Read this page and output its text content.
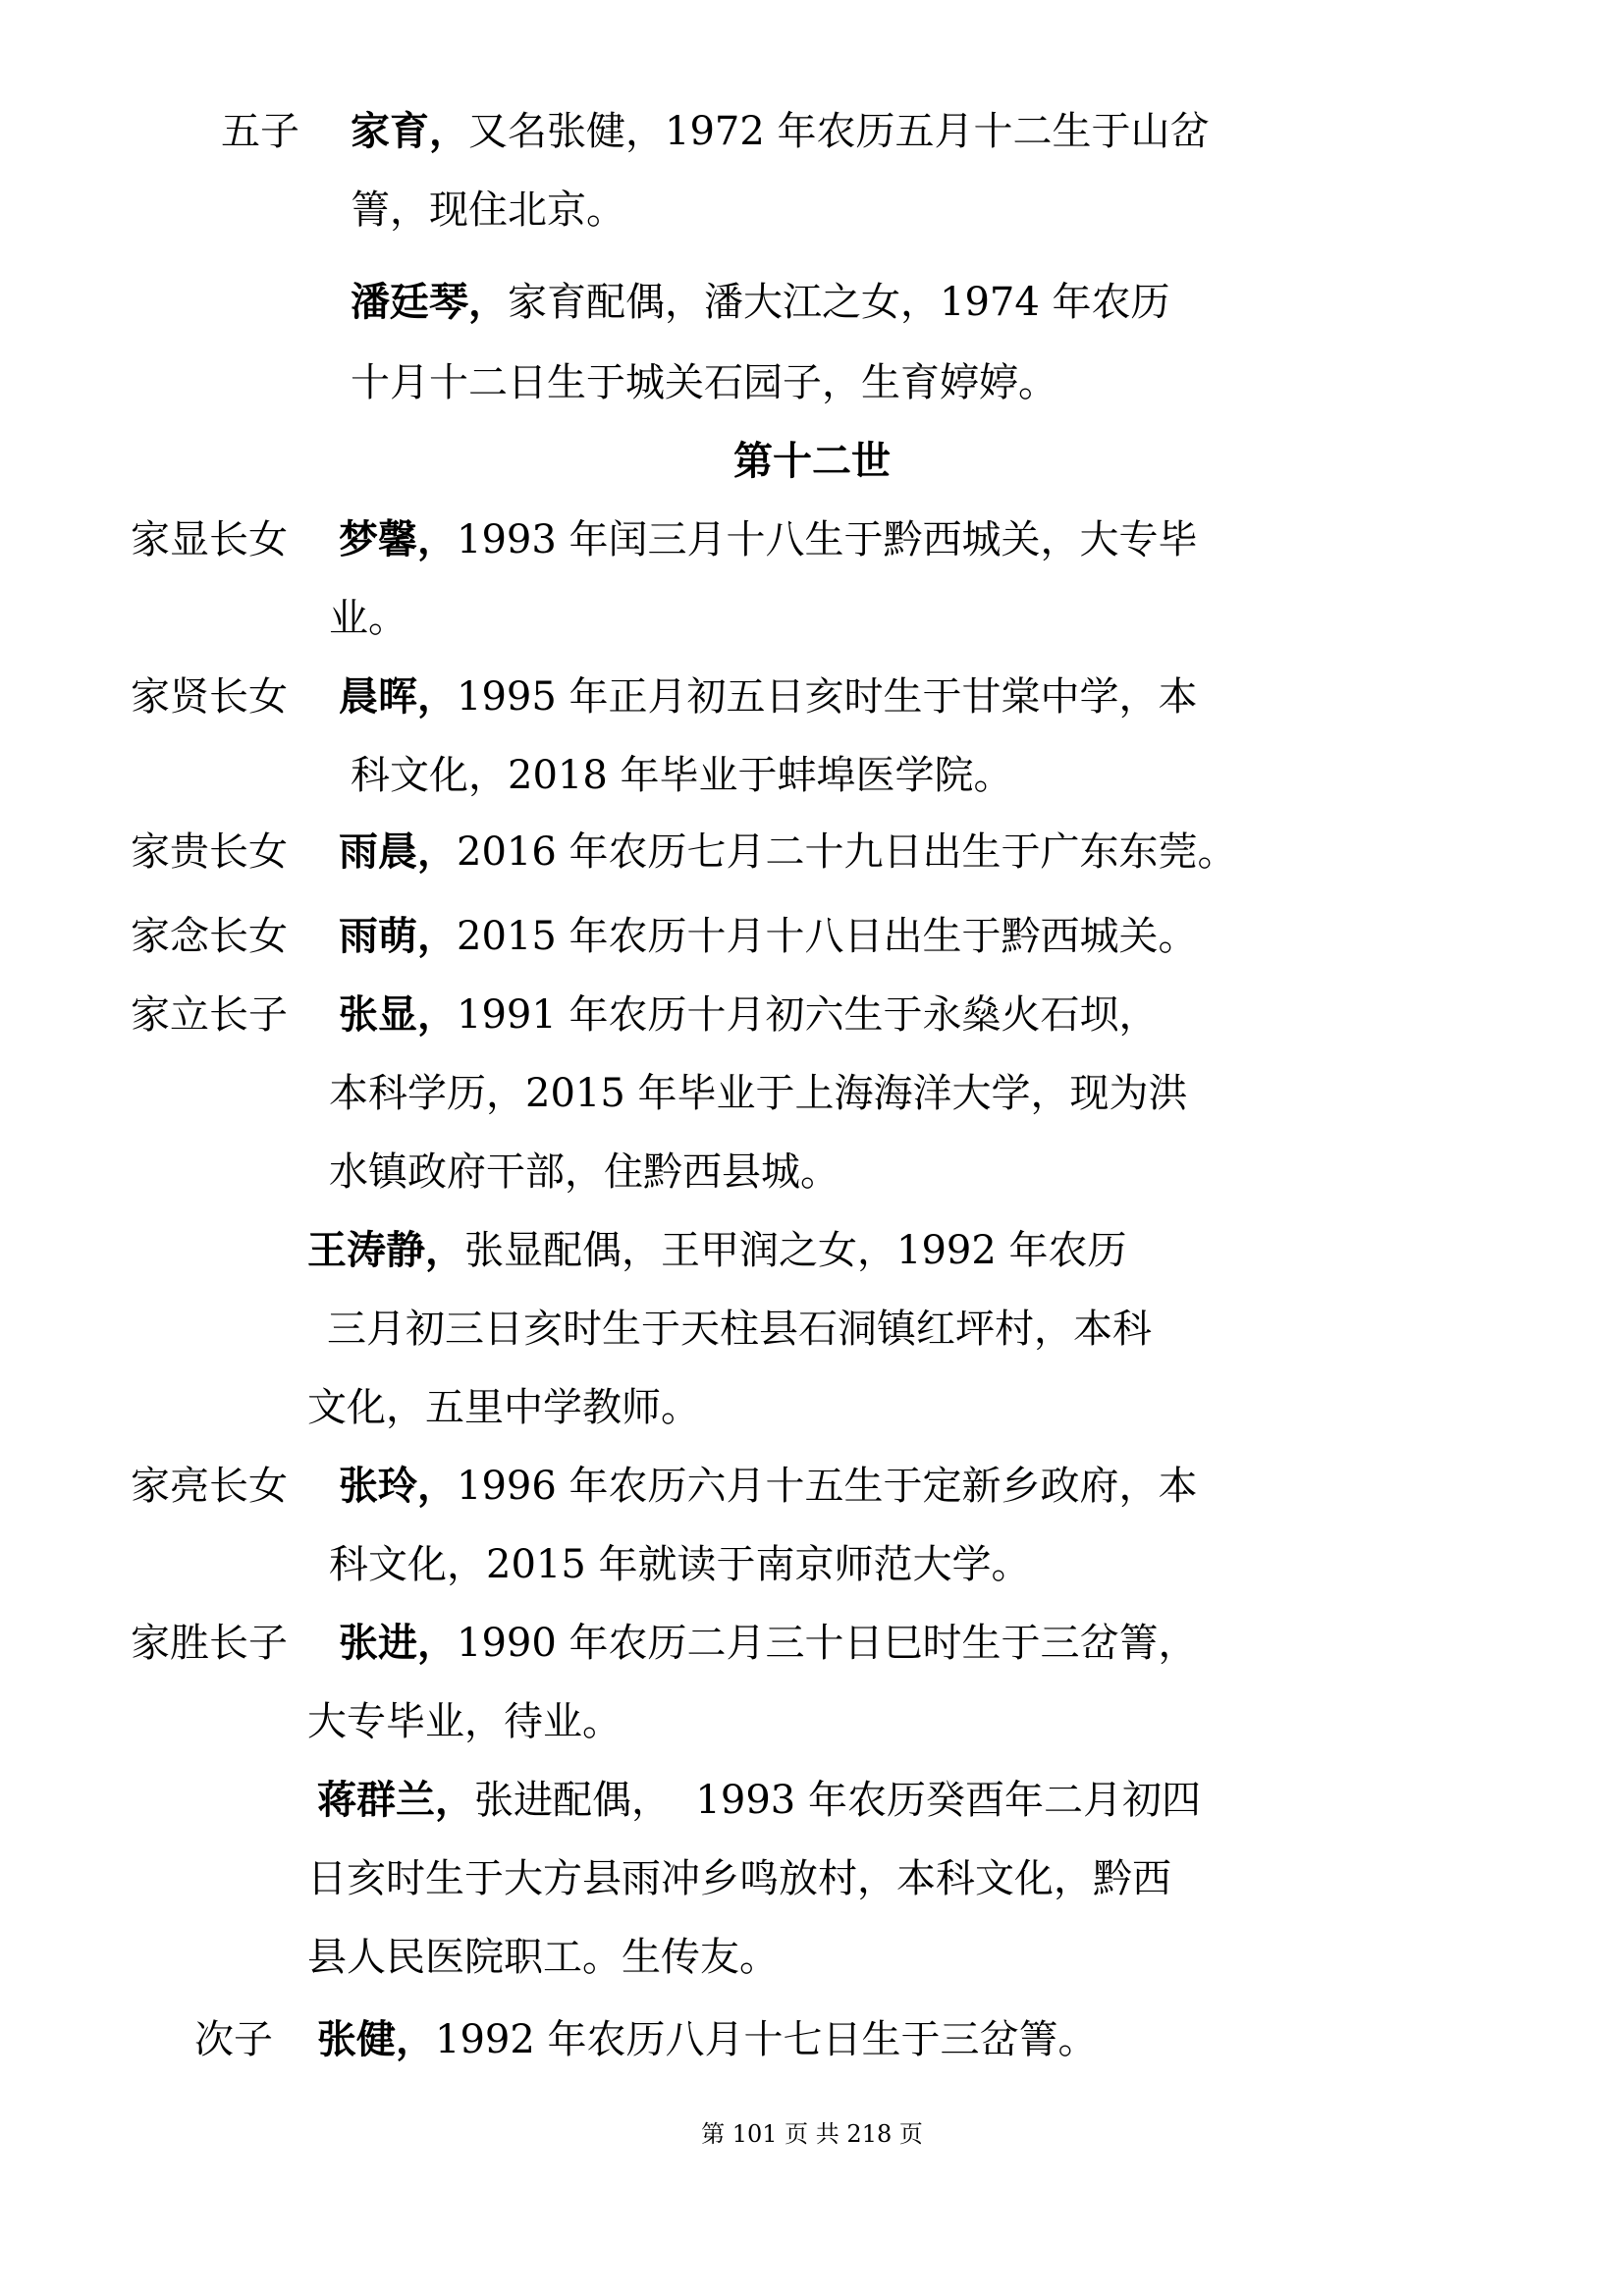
五子 家育，又名张健，1972 年农历五月十二生于山岔
箐，现住北京。
潘廷琴，家育配偶，潘大江之女，1974 年农历
十月十二日生于城关石园子，生育婷婷。
第十二世
家显长女 梦馨，1993 年闰三月十八生于黔西城关，大专毕
业。
家贤长女 晨晖，1995 年正月初五日亥时生于甘棠中学，本
科文化，2018 年毕业于蚌埠医学院。
家贵长女 雨晨，2016 年农历七月二十九日出生于广东东莞。
家念长女 雨萌，2015 年农历十月十八日出生于黔西城关。
家立长子 张显，1991 年农历十月初六生于永燊火石坝，
本科学历，2015 年毕业于上海海洋大学，现为洪
水镇政府干部，住黔西县城。
王涛静，张显配偶，王甲润之女，1992 年农历
三月初三日亥时生于天柱县石洞镇红坪村，本科
文化，五里中学教师。
家亮长女 张玲，1996 年农历六月十五生于定新乡政府，本
科文化，2015 年就读于南京师范大学。
家胜长子 张进，1990 年农历二月三十日巳时生于三岔箐，
大专毕业，待业。
蒋群兰，张进配偶，  1993 年农历癸酉年二月初四
日亥时生于大方县雨冲乡鸣放村，本科文化，黔西
县人民医院职工。生传友。
次子 张健，1992 年农历八月十七日生于三岔箐。
第 101 页 共 218 页
